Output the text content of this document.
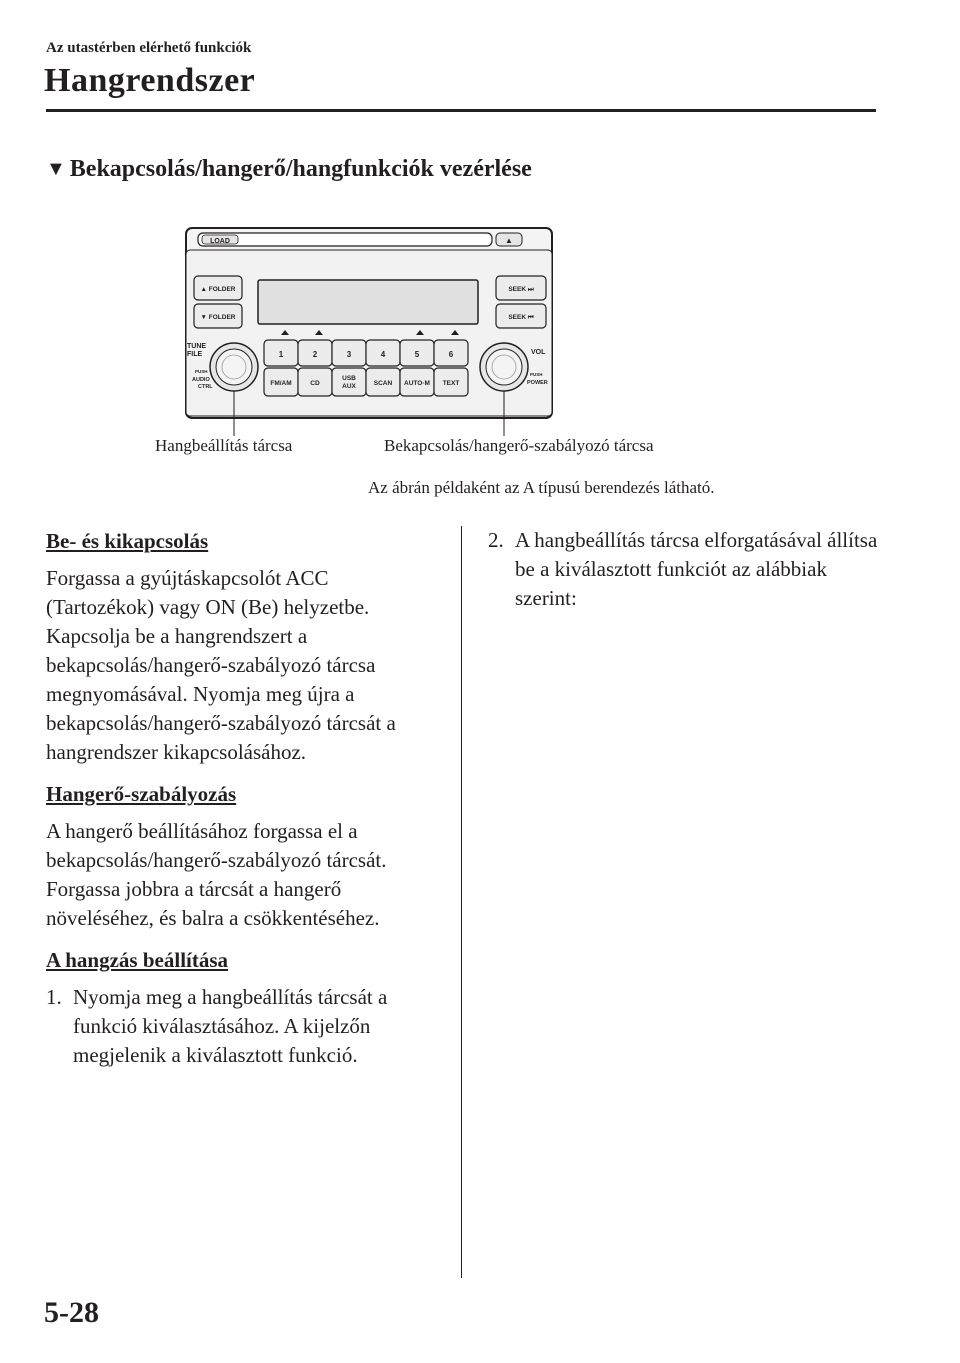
Az utastérben elérhető funkciók
Hangrendszer
▼ Bekapcsolás/hangerő/hangfunkciók vezérlése
LOAD	▲
▲ FOLDER
▼ FOLDER
SEEK ⏭
SEEK ⏮
1	2	3	4	5	6
FM/AM	CD
USB
AUX	SCAN AUTO·M TEXT
TUNE
FILE
PUSH
AUDIO
CTRL
VOL
PUSH
POWER
Hangbeállítás tárcsa	Bekapcsolás/hangerő-szabályozó tárcsa
Az ábrán példaként az A típusú berendezés látható.
Be- és kikapcsolás
Forgassa a gyújtáskapcsolót ACC (Tartozékok) vagy ON (Be) helyzetbe. Kapcsolja be a hangrendszert a bekapcsolás/hangerő-szabályozó tárcsa megnyomásával. Nyomja meg újra a bekapcsolás/hangerő-szabályozó tárcsát a hangrendszer kikapcsolásához.
Hangerő-szabályozás
A hangerő beállításához forgassa el a bekapcsolás/hangerő-szabályozó tárcsát. Forgassa jobbra a tárcsát a hangerő növeléséhez, és balra a csökkentéséhez.
A hangzás beállítása
1. Nyomja meg a hangbeállítás tárcsát a funkció kiválasztásához. A kijelzőn megjelenik a kiválasztott funkció.
2. A hangbeállítás tárcsa elforgatásával állítsa be a kiválasztott funkciót az alábbiak szerint:
5-28
